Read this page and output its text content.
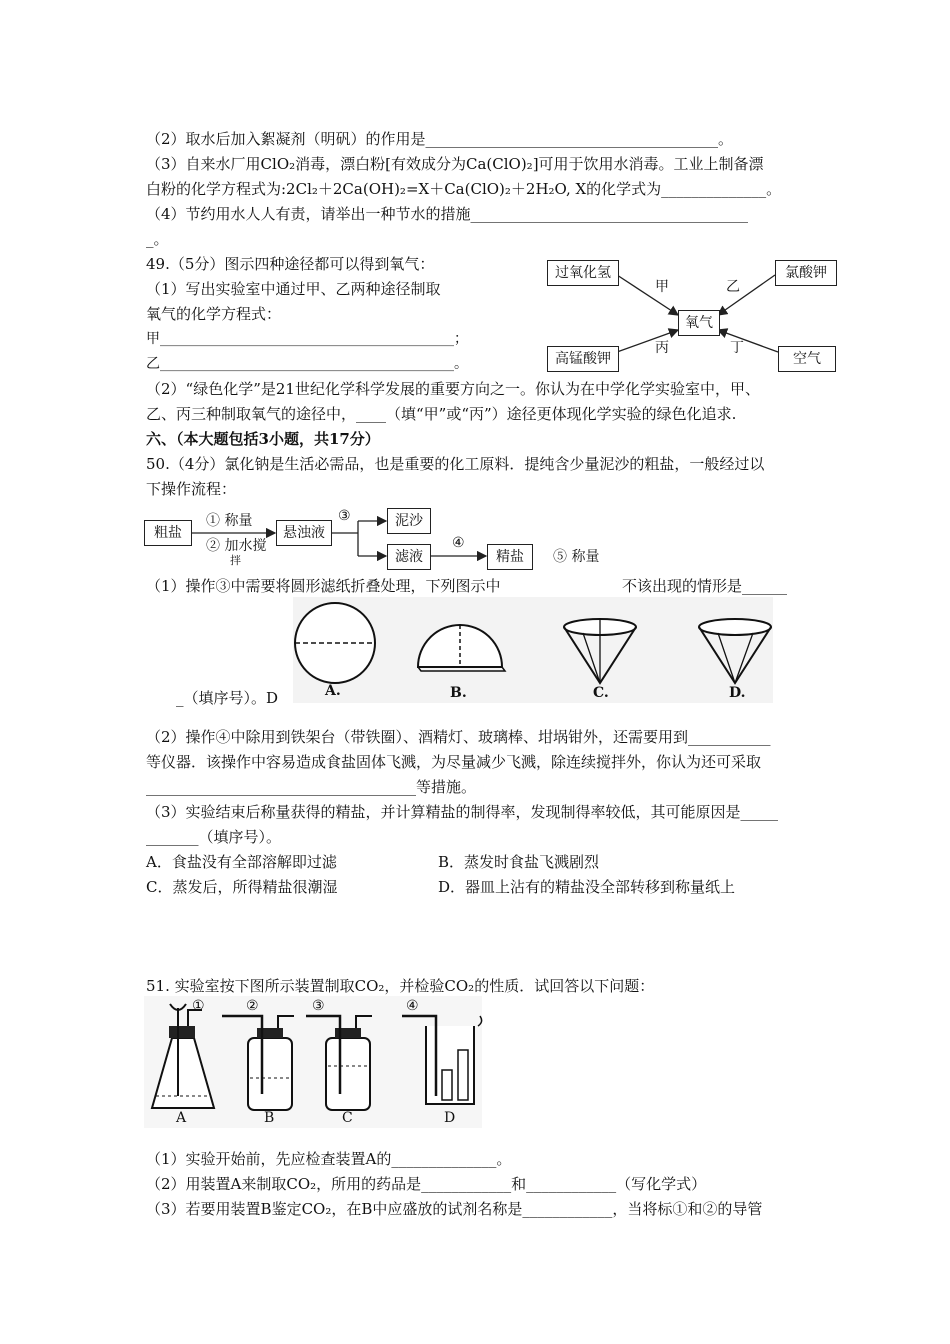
（2）取水后加入絮凝剂（明矾）的作用是_______________________________________。
（3）自来水厂用ClO₂消毒，漂白粉[有效成分为Ca(ClO)₂]可用于饮用水消毒。工业上制备漂
白粉的化学方程式为:2Cl₂＋2Ca(OH)₂=X＋Ca(ClO)₂＋2H₂O, X的化学式为______________。
（4）节约用水人人有责，请举出一种节水的措施_____________________________________
_。
49.（5分）图示四种途径都可以得到氧气：
（1）写出实验室中通过甲、乙两种途径制取
氧气的化学方程式：
甲__________________________________________；
乙__________________________________________。
过氧化氢	氯酸钾
氧气
高锰酸钾	空气
甲	乙
丙	丁
（2）“绿色化学”是21世纪化学科学发展的重要方向之一。你认为在中学化学实验室中，甲、
乙、丙三种制取氧气的途径中，____（填“甲”或“丙”）途径更体现化学实验的绿色化追求.
六、（本大题包括3小题，共17分）
50.（4分）氯化钠是生活必需品，也是重要的化工原料．提纯含少量泥沙的粗盐，一般经过以
下操作流程：
粗盐
① 称量
② 加水搅
拌
悬浊液
③	泥沙
滤液
④
精盐	⑤ 称量
（1）操作③中需要将圆形滤纸折叠处理，下列图示中	不该出现的情形是______
A.	B.	C.	D.
_（填序号）。D
（2）操作④中除用到铁架台（带铁圈）、酒精灯、玻璃棒、坩埚钳外，还需要用到___________
等仪器．该操作中容易造成食盐固体飞溅，为尽量减少飞溅，除连续搅拌外，你认为还可采取
____________________________________等措施。
（3）实验结束后称量获得的精盐，并计算精盐的制得率，发现制得率较低，其可能原因是_____
_______（填序号）。
A．食盐没有全部溶解即过滤	B．蒸发时食盐飞溅剧烈
C．蒸发后，所得精盐很潮湿	D．器皿上沾有的精盐没全部转移到称量纸上
51. 实验室按下图所示装置制取CO₂，并检验CO₂的性质．试回答以下问题：
①	②	③	④
A	B	C	D
（1）实验开始前，先应检查装置A的______________。
（2）用装置A来制取CO₂，所用的药品是____________和____________（写化学式）
（3）若要用装置B鉴定CO₂，在B中应盛放的试剂名称是____________，当将标①和②的导管
